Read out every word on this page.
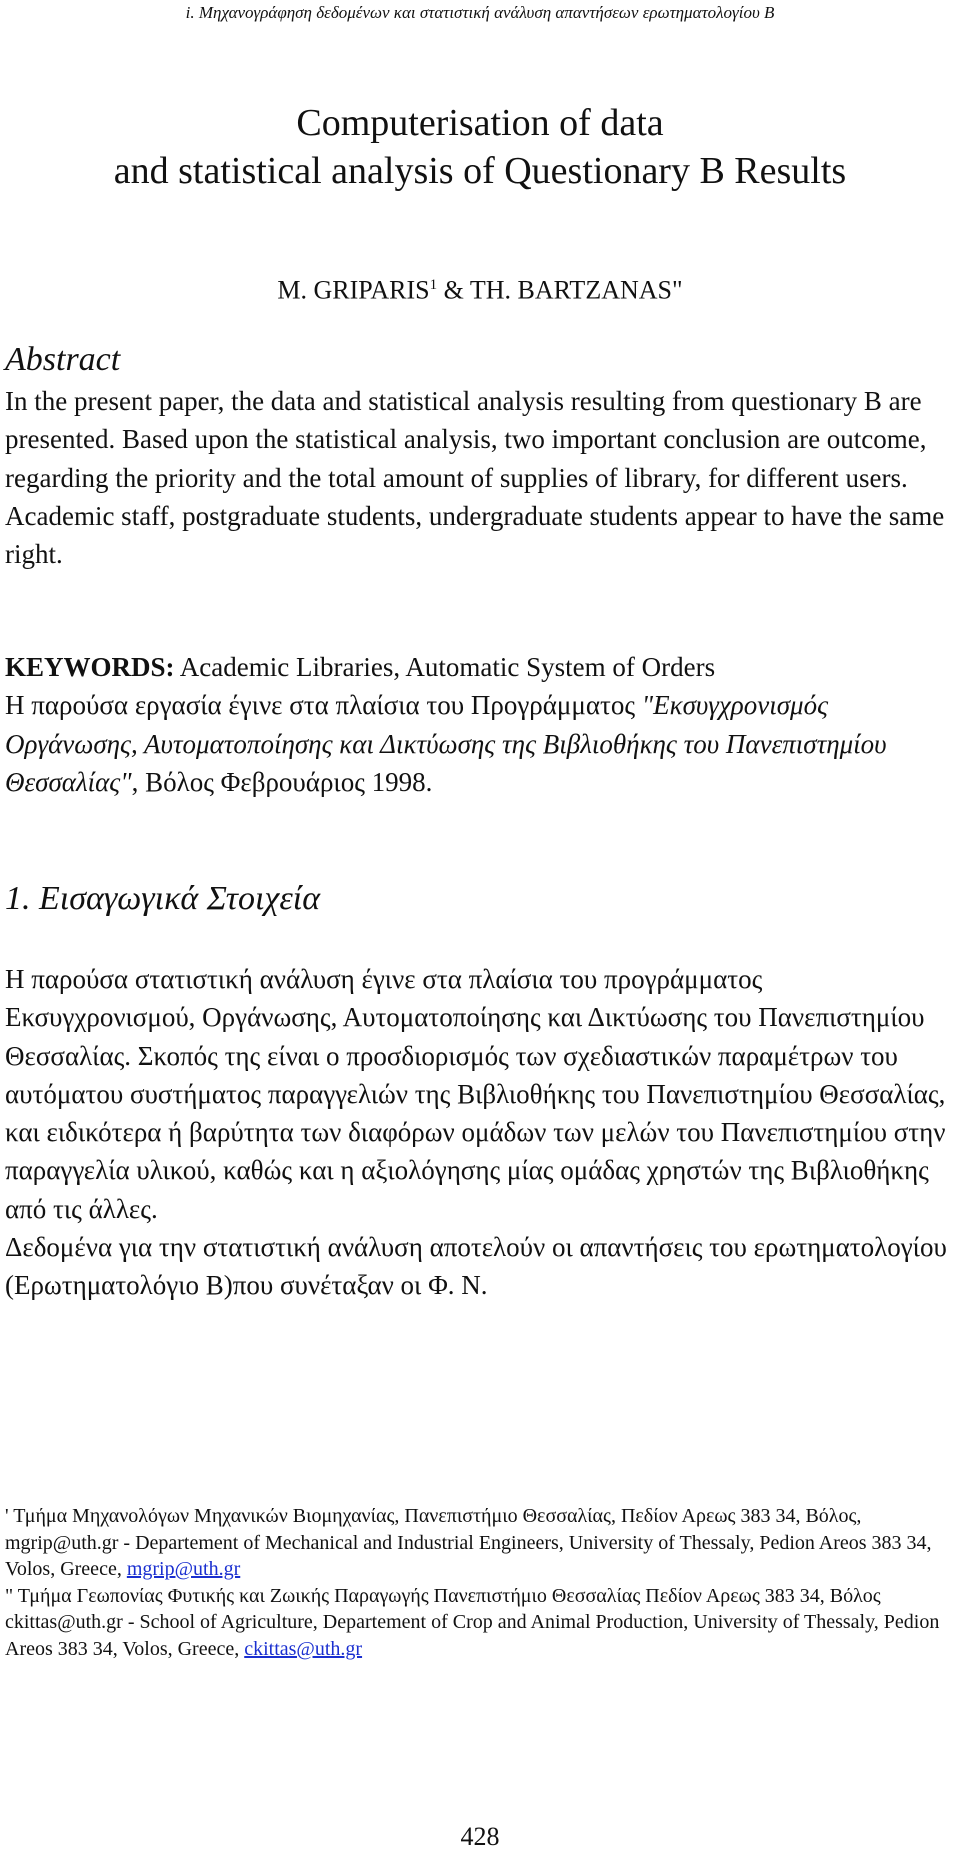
i. Μηχανογράφηση δεδομένων και στατιστική ανάλυση απαντήσεων ερωτηματολογίου Β
Computerisation of data
and statistical analysis of Questionary B Results
M. GRIPARIS$^1$ & TH. BARTZANAS"
Abstract
In the present paper, the data and statistical analysis resulting from questionary B are presented. Based upon the statistical analysis, two important conclusion are outcome, regarding the priority and the total amount of supplies of library, for different users. Academic staff, postgraduate students, undergraduate students appear to have the same right.
KEYWORDS: Academic Libraries, Automatic System of Orders
Η παρούσα εργασία έγινε στα πλαίσια του Προγράμματος "Εκσυγχρονισμός Οργάνωσης, Αυτοματοποίησης και Δικτύωσης της Βιβλιοθήκης του Πανεπιστημίου Θεσσαλίας", Βόλος Φεβρουάριος 1998.
1. Εισαγωγικά Στοιχεία
Η παρούσα στατιστική ανάλυση έγινε στα πλαίσια του προγράμματος Εκσυγχρονισμού, Οργάνωσης, Αυτοματοποίησης και Δικτύωσης του Πανεπιστημίου Θεσσαλίας. Σκοπός της είναι ο προσδιορισμός των σχεδιαστικών παραμέτρων του αυτόματου συστήματος παραγγελιών της Βιβλιοθήκης του Πανεπιστημίου Θεσσαλίας, και ειδικότερα ή βαρύτητα των διαφόρων ομάδων των μελών του Πανεπιστημίου στην παραγγελία υλικού, καθώς και η αξιολόγησης μίας ομάδας χρηστών της Βιβλιοθήκης από τις άλλες.
Δεδομένα για την στατιστική ανάλυση αποτελούν οι απαντήσεις του ερωτηματολογίου (Ερωτηματολόγιο Β)που συνέταξαν οι Φ. Ν.
' Τμήμα Μηχανολόγων Μηχανικών Βιομηχανίας, Πανεπιστήμιο Θεσσαλίας, Πεδίον Αρεως 383 34, Βόλος, mgrip@uth.gr - Departement of Mechanical and Industrial Engineers, University of Thessaly, Pedion Areos 383 34, Volos, Greece, mgrip@uth.gr
" Τμήμα Γεωπονίας Φυτικής και Ζωικής Παραγωγής Πανεπιστήμιο Θεσσαλίας Πεδίον Αρεως 383 34, Βόλος ckittas@uth.gr - School of Agriculture, Departement of Crop and Animal Production, University of Thessaly, Pedion Areos 383 34, Volos, Greece, ckittas@uth.gr
428
